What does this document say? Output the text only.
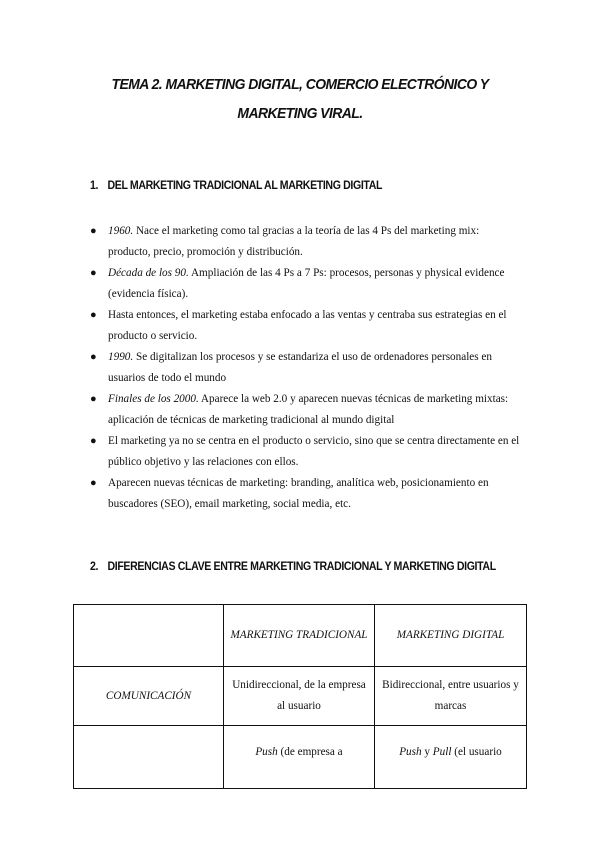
TEMA 2. MARKETING DIGITAL, COMERCIO ELECTRÓNICO Y MARKETING VIRAL.
1. DEL MARKETING TRADICIONAL AL MARKETING DIGITAL
● 1960. Nace el marketing como tal gracias a la teoría de las 4 Ps del marketing mix: producto, precio, promoción y distribución.
● Década de los 90. Ampliación de las 4 Ps a 7 Ps: procesos, personas y physical evidence (evidencia física).
● Hasta entonces, el marketing estaba enfocado a las ventas y centraba sus estrategias en el producto o servicio.
● 1990. Se digitalizan los procesos y se estandariza el uso de ordenadores personales en usuarios de todo el mundo
● Finales de los 2000. Aparece la web 2.0 y aparecen nuevas técnicas de marketing mixtas: aplicación de técnicas de marketing tradicional al mundo digital
● El marketing ya no se centra en el producto o servicio, sino que se centra directamente en el público objetivo y las relaciones con ellos.
● Aparecen nuevas técnicas de marketing: branding, analítica web, posicionamiento en buscadores (SEO), email marketing, social media, etc.
2. DIFERENCIAS CLAVE ENTRE MARKETING TRADICIONAL Y MARKETING DIGITAL
	MARKETING TRADICIONAL	MARKETING DIGITAL
COMUNICACIÓN	Unidireccional, de la empresa al usuario	Bidireccional, entre usuarios y marcas
	Push (de empresa a	Push y Pull (el usuario
